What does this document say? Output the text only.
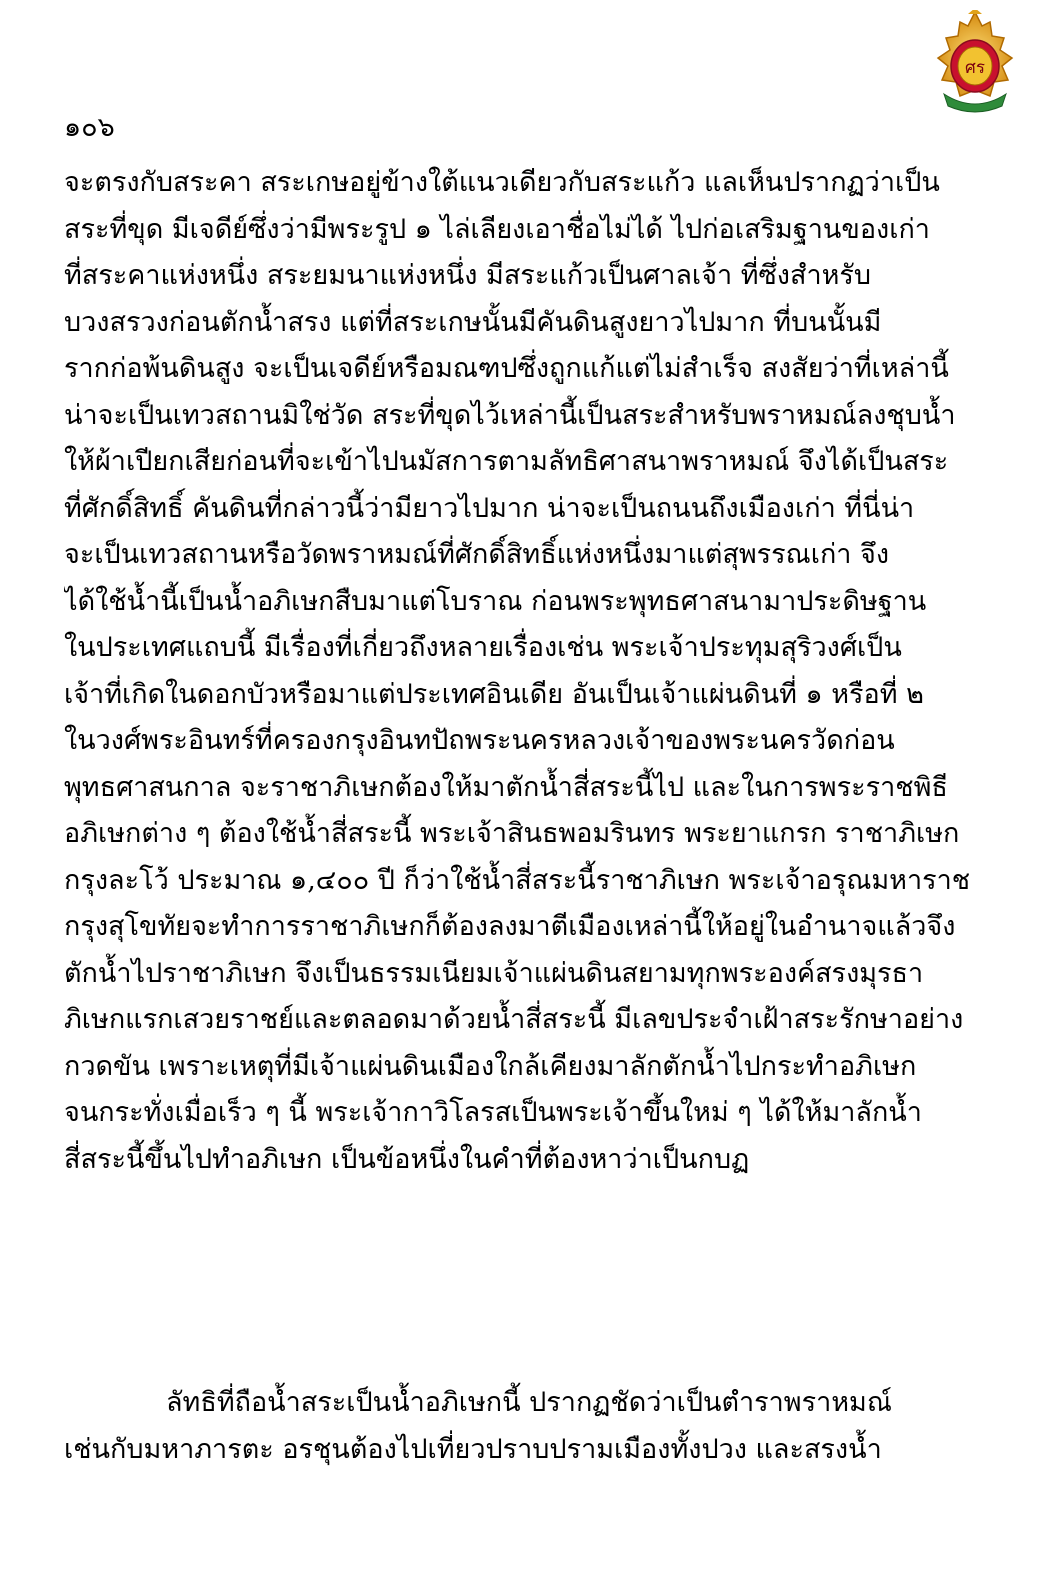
ศร
๑๐๖
จะตรงกับสระคา สระเกษอยู่ข้างใต้แนวเดียวกับสระแก้ว แลเห็นปรากฏว่าเป็น
สระที่ขุด มีเจดีย์ซึ่งว่ามีพระรูป ๑ ไล่เลียงเอาชื่อไม่ได้ ไปก่อเสริมฐานของเก่า
ที่สระคาแห่งหนึ่ง สระยมนาแห่งหนึ่ง มีสระแก้วเป็นศาลเจ้า ที่ซึ่งสำหรับ
บวงสรวงก่อนตักน้ำสรง แต่ที่สระเกษนั้นมีคันดินสูงยาวไปมาก ที่บนนั้นมี
รากก่อพ้นดินสูง จะเป็นเจดีย์หรือมณฑปซึ่งถูกแก้แต่ไม่สำเร็จ สงสัยว่าที่เหล่านี้
น่าจะเป็นเทวสถานมิใช่วัด สระที่ขุดไว้เหล่านี้เป็นสระสำหรับพราหมณ์ลงชุบน้ำ
ให้ผ้าเปียกเสียก่อนที่จะเข้าไปนมัสการตามลัทธิศาสนาพราหมณ์ จึงได้เป็นสระ
ที่ศักดิ์สิทธิ์ คันดินที่กล่าวนี้ว่ามียาวไปมาก น่าจะเป็นถนนถึงเมืองเก่า ที่นี่น่า
จะเป็นเทวสถานหรือวัดพราหมณ์ที่ศักดิ์สิทธิ์แห่งหนึ่งมาแต่สุพรรณเก่า จึง
ได้ใช้น้ำนี้เป็นน้ำอภิเษกสืบมาแต่โบราณ ก่อนพระพุทธศาสนามาประดิษฐาน
ในประเทศแถบนี้ มีเรื่องที่เกี่ยวถึงหลายเรื่องเช่น พระเจ้าประทุมสุริวงศ์เป็น
เจ้าที่เกิดในดอกบัวหรือมาแต่ประเทศอินเดีย อันเป็นเจ้าแผ่นดินที่ ๑ หรือที่ ๒
ในวงศ์พระอินทร์ที่ครองกรุงอินทปัถพระนครหลวงเจ้าของพระนครวัดก่อน
พุทธศาสนกาล จะราชาภิเษกต้องให้มาตักน้ำสี่สระนี้ไป และในการพระราชพิธี
อภิเษกต่าง ๆ ต้องใช้น้ำสี่สระนี้ พระเจ้าสินธพอมรินทร พระยาแกรก ราชาภิเษก
กรุงละโว้ ประมาณ ๑,๔๐๐ ปี ก็ว่าใช้น้ำสี่สระนี้ราชาภิเษก พระเจ้าอรุณมหาราช
กรุงสุโขทัยจะทำการราชาภิเษกก็ต้องลงมาตีเมืองเหล่านี้ให้อยู่ในอำนาจแล้วจึง
ตักน้ำไปราชาภิเษก จึงเป็นธรรมเนียมเจ้าแผ่นดินสยามทุกพระองค์สรงมุรธา
ภิเษกแรกเสวยราชย์และตลอดมาด้วยน้ำสี่สระนี้ มีเลขประจำเฝ้าสระรักษาอย่าง
กวดขัน เพราะเหตุที่มีเจ้าแผ่นดินเมืองใกล้เคียงมาลักตักน้ำไปกระทำอภิเษก
จนกระทั่งเมื่อเร็ว ๆ นี้ พระเจ้ากาวิโลรสเป็นพระเจ้าขึ้นใหม่ ๆ ได้ให้มาลักน้ำ
สี่สระนี้ขึ้นไปทำอภิเษก เป็นข้อหนึ่งในคำที่ต้องหาว่าเป็นกบฏ
ลัทธิที่ถือน้ำสระเป็นน้ำอภิเษกนี้ ปรากฏชัดว่าเป็นตำราพราหมณ์
เช่นกับมหาภารตะ อรชุนต้องไปเที่ยวปราบปรามเมืองทั้งปวง และสรงน้ำ
